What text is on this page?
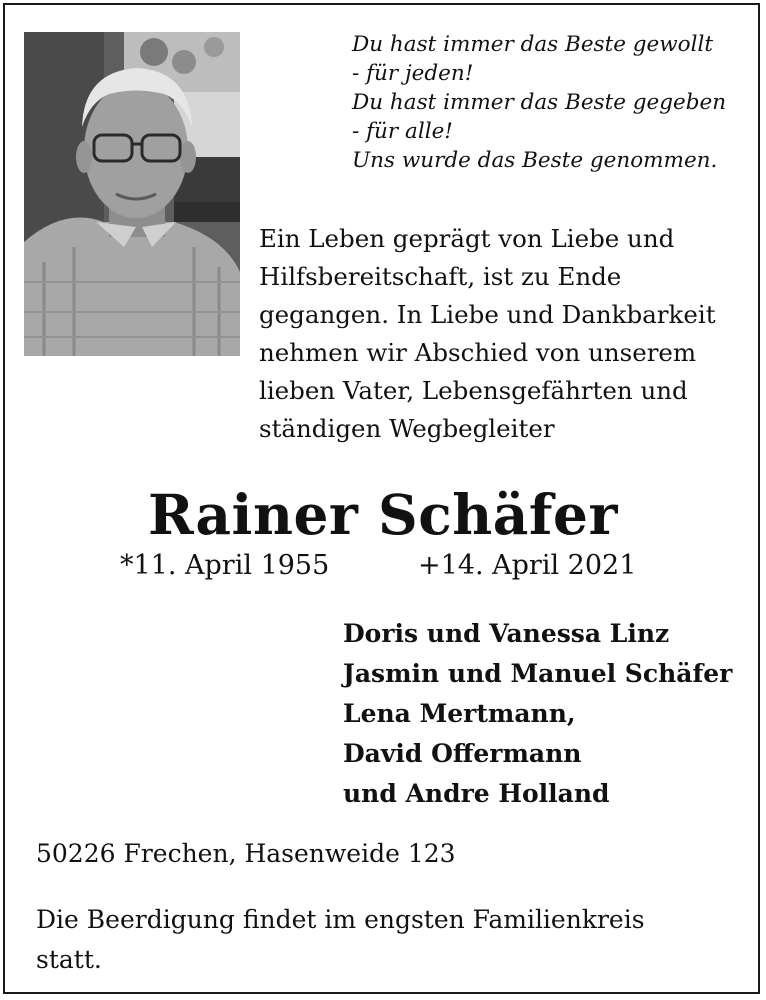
Du hast immer das Beste gewollt
- für jeden!
Du hast immer das Beste gegeben
- für alle!
Uns wurde das Beste genommen.
Ein Leben geprägt von Liebe und
Hilfsbereitschaft, ist zu Ende
gegangen. In Liebe und Dankbarkeit
nehmen wir Abschied von unserem
lieben Vater, Lebensgefährten und
ständigen Wegbegleiter
Rainer Schäfer
*11. April 1955	+14. April 2021
Doris und Vanessa Linz
Jasmin und Manuel Schäfer
Lena Mertmann,
David Offermann
und Andre Holland
50226 Frechen, Hasenweide 123
Die Beerdigung findet im engsten Familienkreis
statt.
